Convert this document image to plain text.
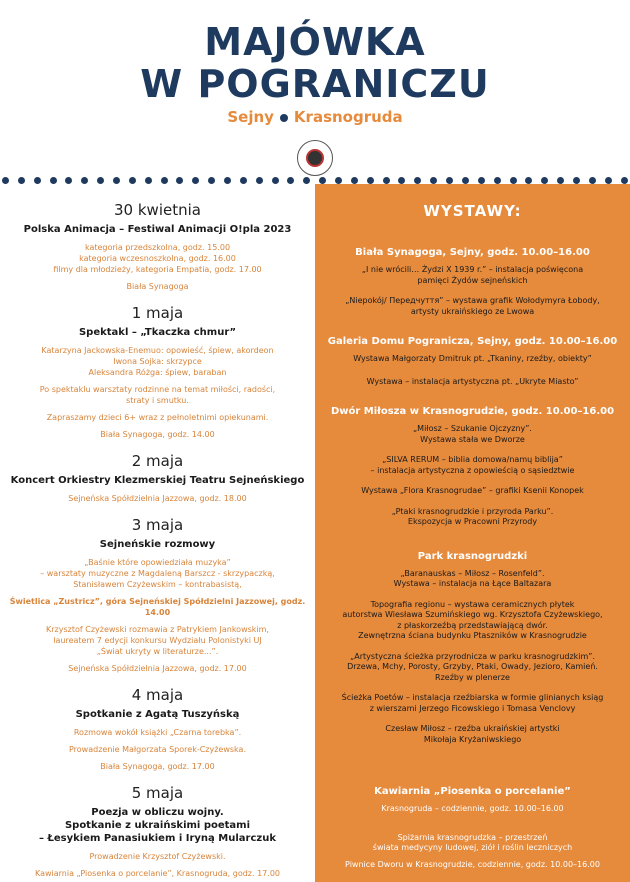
MAJÓWKA
W POGRANICZU
Sejny Krasnogruda
30 kwietnia
Polska Animacja – Festiwal Animacji O!pla 2023
kategoria przedszkolna, godz. 15.00
kategoria wczesnoszkolna, godz. 16.00
filmy dla młodzieży, kategoria Empatia, godz. 17.00
Biała Synagoga
1 maja
Spektakl – „Tkaczka chmur”
Katarzyna Jackowska-Enemuo: opowieść, śpiew, akordeon
Iwona Sojka: skrzypce
Aleksandra Różga: śpiew, baraban
Po spektaklu warsztaty rodzinne na temat miłości, radości,
straty i smutku.
Zapraszamy dzieci 6+ wraz z pełnoletnimi opiekunami.
Biała Synagoga, godz. 14.00
2 maja
Koncert Orkiestry Klezmerskiej Teatru Sejneńskiego
Sejneńska Spółdzielnia Jazzowa, godz. 18.00
3 maja
Sejneńskie rozmowy
„Baśnie które opowiedziała muzyka”
– warsztaty muzyczne z Magdaleną Barszcz - skrzypaczką,
Stanisławem Czyżewskim – kontrabasistą,
Świetlica „Zustricz”, góra Sejneńskiej Spółdzielni Jazzowej, godz. 14.00
Krzysztof Czyżewski rozmawia z Patrykiem Jankowskim,
laureatem 7 edycji konkursu Wydziału Polonistyki UJ
„Świat ukryty w literaturze...”.
Sejneńska Spółdzielnia Jazzowa, godz. 17.00
4 maja
Spotkanie z Agatą Tuszyńską
Rozmowa wokół książki „Czarna torebka”.
Prowadzenie Małgorzata Sporek-Czyżewska.
Biała Synagoga, godz. 17.00
5 maja
Poezja w obliczu wojny.
Spotkanie z ukraińskimi poetami
– Łesykiem Panasiukiem i Iryną Mularczuk
Prowadzenie Krzysztof Czyżewski.
Kawiarnia „Piosenka o porcelanie”, Krasnogruda, godz. 17.00
WYSTAWY:
Biała Synagoga, Sejny, godz. 10.00–16.00
„I nie wrócili… Żydzi X 1939 r.” – instalacja poświęcona
pamięci Żydów sejneńskich
„Niepokój/ Передчуття” – wystawa grafik Wołodymyra Łobody,
artysty ukraińskiego ze Lwowa
Galeria Domu Pogranicza, Sejny, godz. 10.00–16.00
Wystawa Małgorzaty Dmitruk pt. „Tkaniny, rzeźby, obiekty”
Wystawa – instalacja artystyczna pt. „Ukryte Miasto”
Dwór Miłosza w Krasnogrudzie, godz. 10.00–16.00
„Miłosz – Szukanie Ojczyzny”.
Wystawa stała we Dworze
„SILVA RERUM – biblia domowa/namų biblija”
– instalacja artystyczna z opowieścią o sąsiedztwie
Wystawa „Flora Krasnogrudae” – grafiki Ksenii Konopek
„Ptaki krasnogrudzkie i przyroda Parku”.
Ekspozycja w Pracowni Przyrody
Park krasnogrudzki
„Baranauskas – Miłosz – Rosenfeld”.
Wystawa – instalacja na Łące Baltazara
Topografia regionu – wystawa ceramicznych płytek
autorstwa Wiesława Szumińskiego wg. Krzysztofa Czyżewskiego,
z płaskorzeźbą przedstawiającą dwór.
Zewnętrzna ściana budynku Ptaszników w Krasnogrudzie
„Artystyczna ścieżka przyrodnicza w parku krasnogrudzkim”.
Drzewa, Mchy, Porosty, Grzyby, Ptaki, Owady, Jezioro, Kamień.
Rzeźby w plenerze
Ścieżka Poetów – instalacja rzeźbiarska w formie glinianych ksiąg
z wierszami Jerzego Ficowskiego i Tomasa Venclovy
Czesław Miłosz – rzeźba ukraińskiej artystki
Mikołaja Kryżaniwskiego
Kawiarnia „Piosenka o porcelanie”
Krasnogruda – codziennie, godz. 10.00–16.00
Spiżarnia krasnogrudzka – przestrzeń
świata medycyny ludowej, ziół i roślin leczniczych
Piwnice Dworu w Krasnogrudzie, codziennie, godz. 10.00–16.00
